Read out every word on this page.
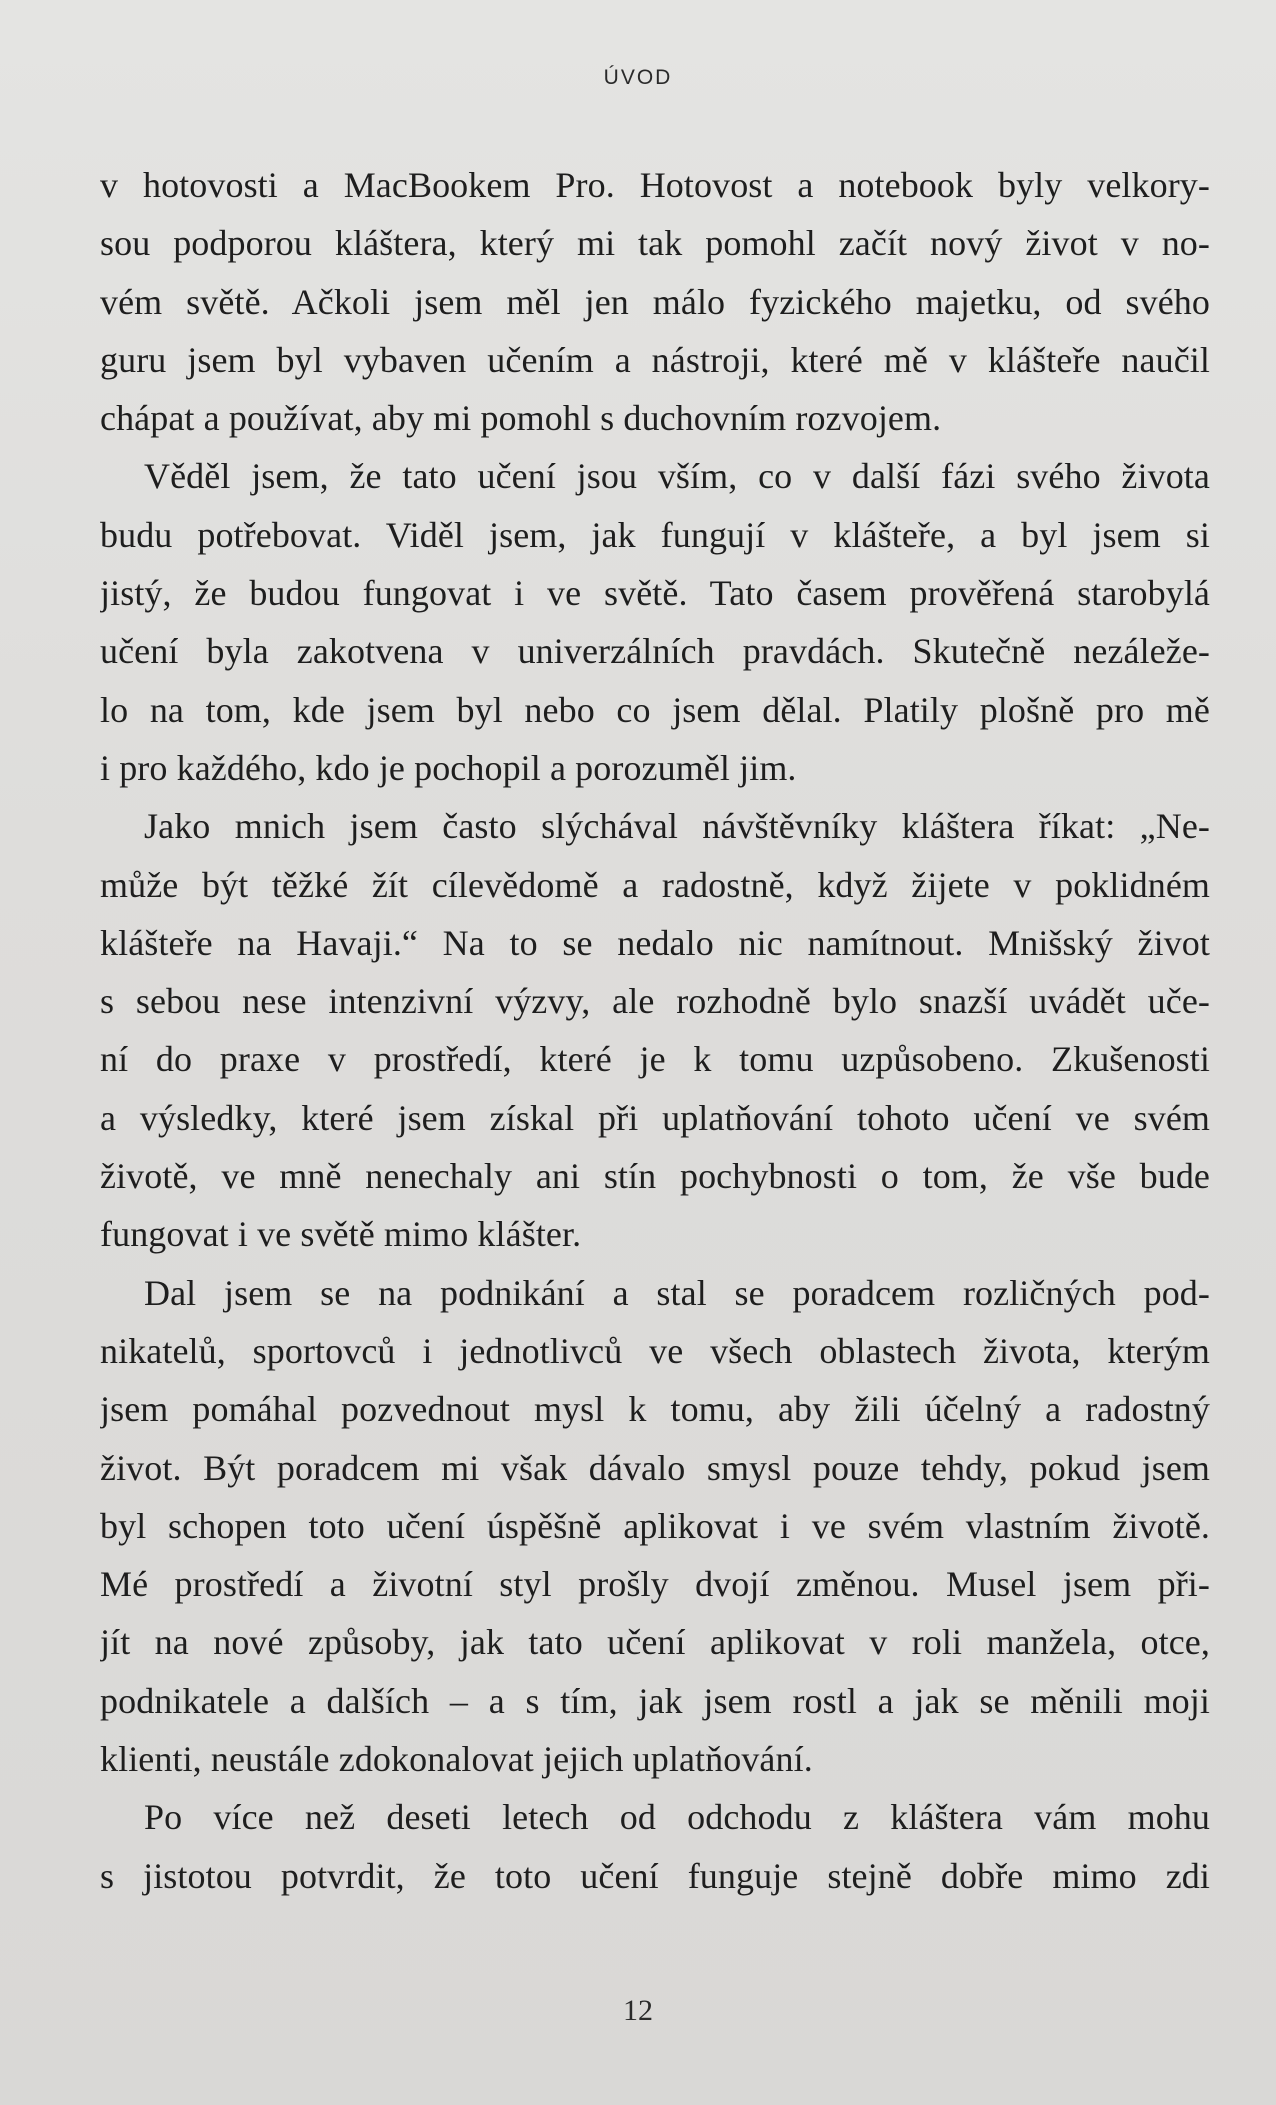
ÚVOD
v hotovosti a MacBookem Pro. Hotovost a notebook byly velkory-
sou podporou kláštera, který mi tak pomohl začít nový život v no-
vém světě. Ačkoli jsem měl jen málo fyzického majetku, od svého
guru jsem byl vybaven učením a nástroji, které mě v klášteře naučil
chápat a používat, aby mi pomohl s duchovním rozvojem.
Věděl jsem, že tato učení jsou vším, co v další fázi svého života
budu potřebovat. Viděl jsem, jak fungují v klášteře, a byl jsem si
jistý, že budou fungovat i ve světě. Tato časem prověřená starobylá
učení byla zakotvena v univerzálních pravdách. Skutečně nezáleže-
lo na tom, kde jsem byl nebo co jsem dělal. Platily plošně pro mě
i pro každého, kdo je pochopil a porozuměl jim.
Jako mnich jsem často slýchával návštěvníky kláštera říkat: „Ne-
může být těžké žít cílevědomě a radostně, když žijete v poklidném
klášteře na Havaji.“ Na to se nedalo nic namítnout. Mnišský život
s sebou nese intenzivní výzvy, ale rozhodně bylo snazší uvádět uče-
ní do praxe v prostředí, které je k tomu uzpůsobeno. Zkušenosti
a výsledky, které jsem získal při uplatňování tohoto učení ve svém
životě, ve mně nenechaly ani stín pochybnosti o tom, že vše bude
fungovat i ve světě mimo klášter.
Dal jsem se na podnikání a stal se poradcem rozličných pod-
nikatelů, sportovců i jednotlivců ve všech oblastech života, kterým
jsem pomáhal pozvednout mysl k tomu, aby žili účelný a radostný
život. Být poradcem mi však dávalo smysl pouze tehdy, pokud jsem
byl schopen toto učení úspěšně aplikovat i ve svém vlastním životě.
Mé prostředí a životní styl prošly dvojí změnou. Musel jsem při-
jít na nové způsoby, jak tato učení aplikovat v roli manžela, otce,
podnikatele a dalších – a s tím, jak jsem rostl a jak se měnili moji
klienti, neustále zdokonalovat jejich uplatňování.
Po více než deseti letech od odchodu z kláštera vám mohu
s jistotou potvrdit, že toto učení funguje stejně dobře mimo zdi
12
